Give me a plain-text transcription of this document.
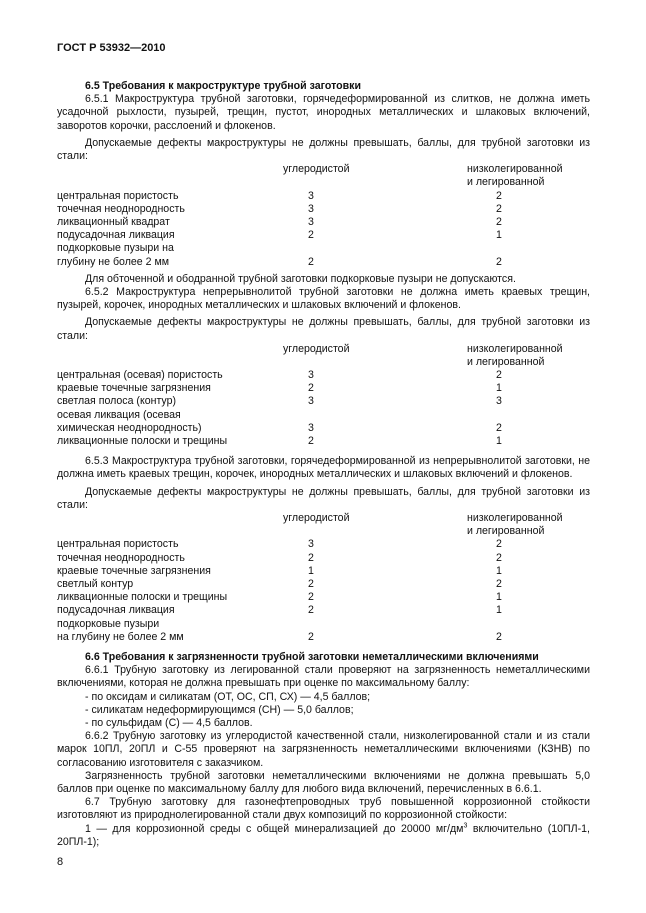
ГОСТ Р 53932—2010

6.5 Требования к макроструктуре трубной заготовки

6.5.1 Макроструктура трубной заготовки, горячедеформированной из слитков, не должна иметь усадочной рыхлости, пузырей, трещин, пустот, инородных металлических и шлаковых включений, заворотов корочки, расслоений и флокенов.

Допускаемые дефекты макроструктуры не должны превышать, баллы, для трубной заготовки из стали:

углеродистой	низколегированной
и легированной
центральная пористость	3	2
точечная неоднородность	3	2
ликвационный квадрат	3	2
подусадочная ликвация	2	1
подкорковые пузыри на
глубину не более 2 мм	2	2

Для обточенной и ободранной трубной заготовки подкорковые пузыри не допускаются.

6.5.2 Макроструктура непрерывнолитой трубной заготовки не должна иметь краевых трещин, пузырей, корочек, инородных металлических и шлаковых включений и флокенов.

Допускаемые дефекты макроструктуры не должны превышать, баллы, для трубной заготовки из стали:

углеродистой	низколегированной
и легированной
центральная (осевая) пористость	3	2
краевые точечные загрязнения	2	1
светлая полоса (контур)	3	3
осевая ликвация (осевая
химическая неоднородность)	3	2
ликвационные полоски и трещины	2	1

6.5.3 Макроструктура трубной заготовки, горячедеформированной из непрерывнолитой заготовки, не должна иметь краевых трещин, корочек, инородных металлических и шлаковых включений и флокенов.

Допускаемые дефекты макроструктуры не должны превышать, баллы, для трубной заготовки из стали:

углеродистой	низколегированной
и легированной
центральная пористость	3	2
точечная неоднородность	2	2
краевые точечные загрязнения	1	1
светлый контур	2	2
ликвационные полоски и трещины	2	1
подусадочная ликвация	2	1
подкорковые пузыри
на глубину не более 2 мм	2	2

6.6 Требования к загрязненности трубной заготовки неметаллическими включениями

6.6.1 Трубную заготовку из легированной стали проверяют на загрязненность неметаллическими включениями, которая не должна превышать при оценке по максимальному баллу:

- по оксидам и силикатам (ОТ, ОС, СП, СХ) — 4,5 баллов;

- силикатам недеформирующимся (СН) — 5,0 баллов;

- по сульфидам (С) — 4,5 баллов.

6.6.2 Трубную заготовку из углеродистой качественной стали, низколегированной стали и из стали марок 10ПЛ, 20ПЛ и С-55 проверяют на загрязненность неметаллическими включениями (КЗНВ) по согласованию изготовителя с заказчиком.

Загрязненность трубной заготовки неметаллическими включениями не должна превышать 5,0 баллов при оценке по максимальному баллу для любого вида включений, перечисленных в 6.6.1.

6.7 Трубную заготовку для газонефтепроводных труб повышенной коррозионной стойкости изготовляют из природнолегированной стали двух композиций по коррозионной стойкости:

1 — для коррозионной среды с общей минерализацией до 20000 $мг/дм^3$ включительно (10ПЛ-1, 20ПЛ-1);

8
